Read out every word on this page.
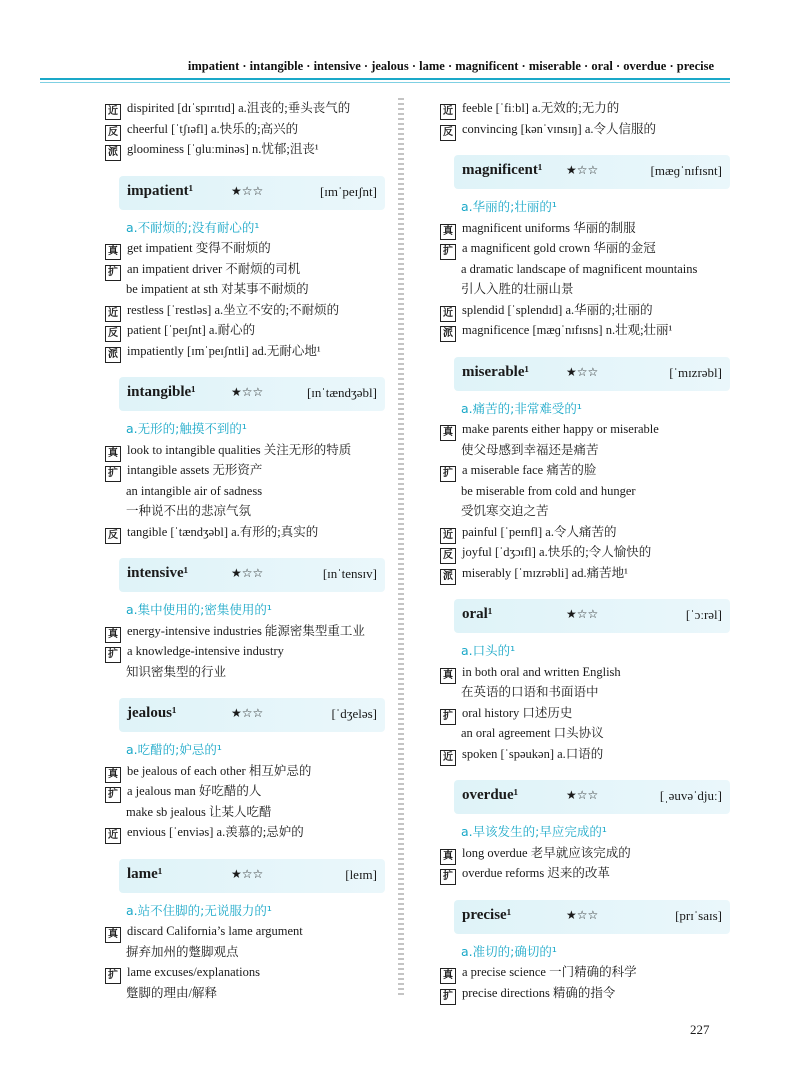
impatient · intangible · intensive · jealous · lame · magnificent · miserable · oral · overdue · precise
近 dispirited [dɪˈspɪrɪtɪd] a.沮丧的;垂头丧气的
反 cheerful [ˈtʃɪəfl] a.快乐的;高兴的
派 gloominess [ˈɡluːminəs] n.忧郁;沮丧¹
impatient¹	★☆☆	[ɪmˈpeɪʃnt]
a.不耐烦的;没有耐心的¹
真 get impatient 变得不耐烦的
扩 an impatient driver 不耐烦的司机
be impatient at sth 对某事不耐烦的
近 restless [ˈrestləs] a.坐立不安的;不耐烦的
反 patient [ˈpeɪʃnt] a.耐心的
派 impatiently [ɪmˈpeɪʃntli] ad.无耐心地¹
intangible¹	★☆☆	[ɪnˈtændʒəbl]
a.无形的;触摸不到的¹
真 look to intangible qualities 关注无形的特质
扩 intangible assets 无形资产
an intangible air of sadness
一种说不出的悲凉气氛
反 tangible [ˈtændʒəbl] a.有形的;真实的
intensive¹	★☆☆	[ɪnˈtensɪv]
a.集中使用的;密集使用的¹
真 energy-intensive industries 能源密集型重工业
扩 a knowledge-intensive industry
知识密集型的行业
jealous¹	★☆☆	[ˈdʒeləs]
a.吃醋的;妒忌的¹
真 be jealous of each other 相互妒忌的
扩 a jealous man 好吃醋的人
make sb jealous 让某人吃醋
近 envious [ˈenviəs] a.羡慕的;忌妒的
lame¹	★☆☆	[leɪm]
a.站不住脚的;无说服力的¹
真 discard California’s lame argument
摒弃加州的蹩脚观点
扩 lame excuses/explanations
蹩脚的理由/解释
近 feeble [ˈfiːbl] a.无效的;无力的
反 convincing [kənˈvɪnsɪŋ] a.令人信服的
magnificent¹ ★☆☆	[mæɡˈnɪfɪsnt]
a.华丽的;壮丽的¹
真 magnificent uniforms 华丽的制服
扩 a magnificent gold crown 华丽的金冠
a dramatic landscape of magnificent mountains
引人入胜的壮丽山景
近 splendid [ˈsplendɪd] a.华丽的;壮丽的
派 magnificence [mæɡˈnɪfɪsns] n.壮观;壮丽¹
miserable¹	★☆☆	[ˈmɪzrəbl]
a.痛苦的;非常难受的¹
真 make parents either happy or miserable
使父母感到幸福还是痛苦
扩 a miserable face 痛苦的脸
be miserable from cold and hunger
受饥寒交迫之苦
近 painful [ˈpeɪnfl] a.令人痛苦的
反 joyful [ˈdʒɔɪfl] a.快乐的;令人愉快的
派 miserably [ˈmɪzrəbli] ad.痛苦地¹
oral¹	★☆☆	[ˈɔːrəl]
a.口头的¹
真 in both oral and written English
在英语的口语和书面语中
扩 oral history 口述历史
an oral agreement 口头协议
近 spoken [ˈspəukən] a.口语的
overdue¹	★☆☆	[ˌəuvəˈdjuː]
a.早该发生的;早应完成的¹
真 long overdue 老早就应该完成的
扩 overdue reforms 迟来的改革
precise¹	★☆☆	[prɪˈsaɪs]
a.准切的;确切的¹
真 a precise science 一门精确的科学
扩 precise directions 精确的指令
227
